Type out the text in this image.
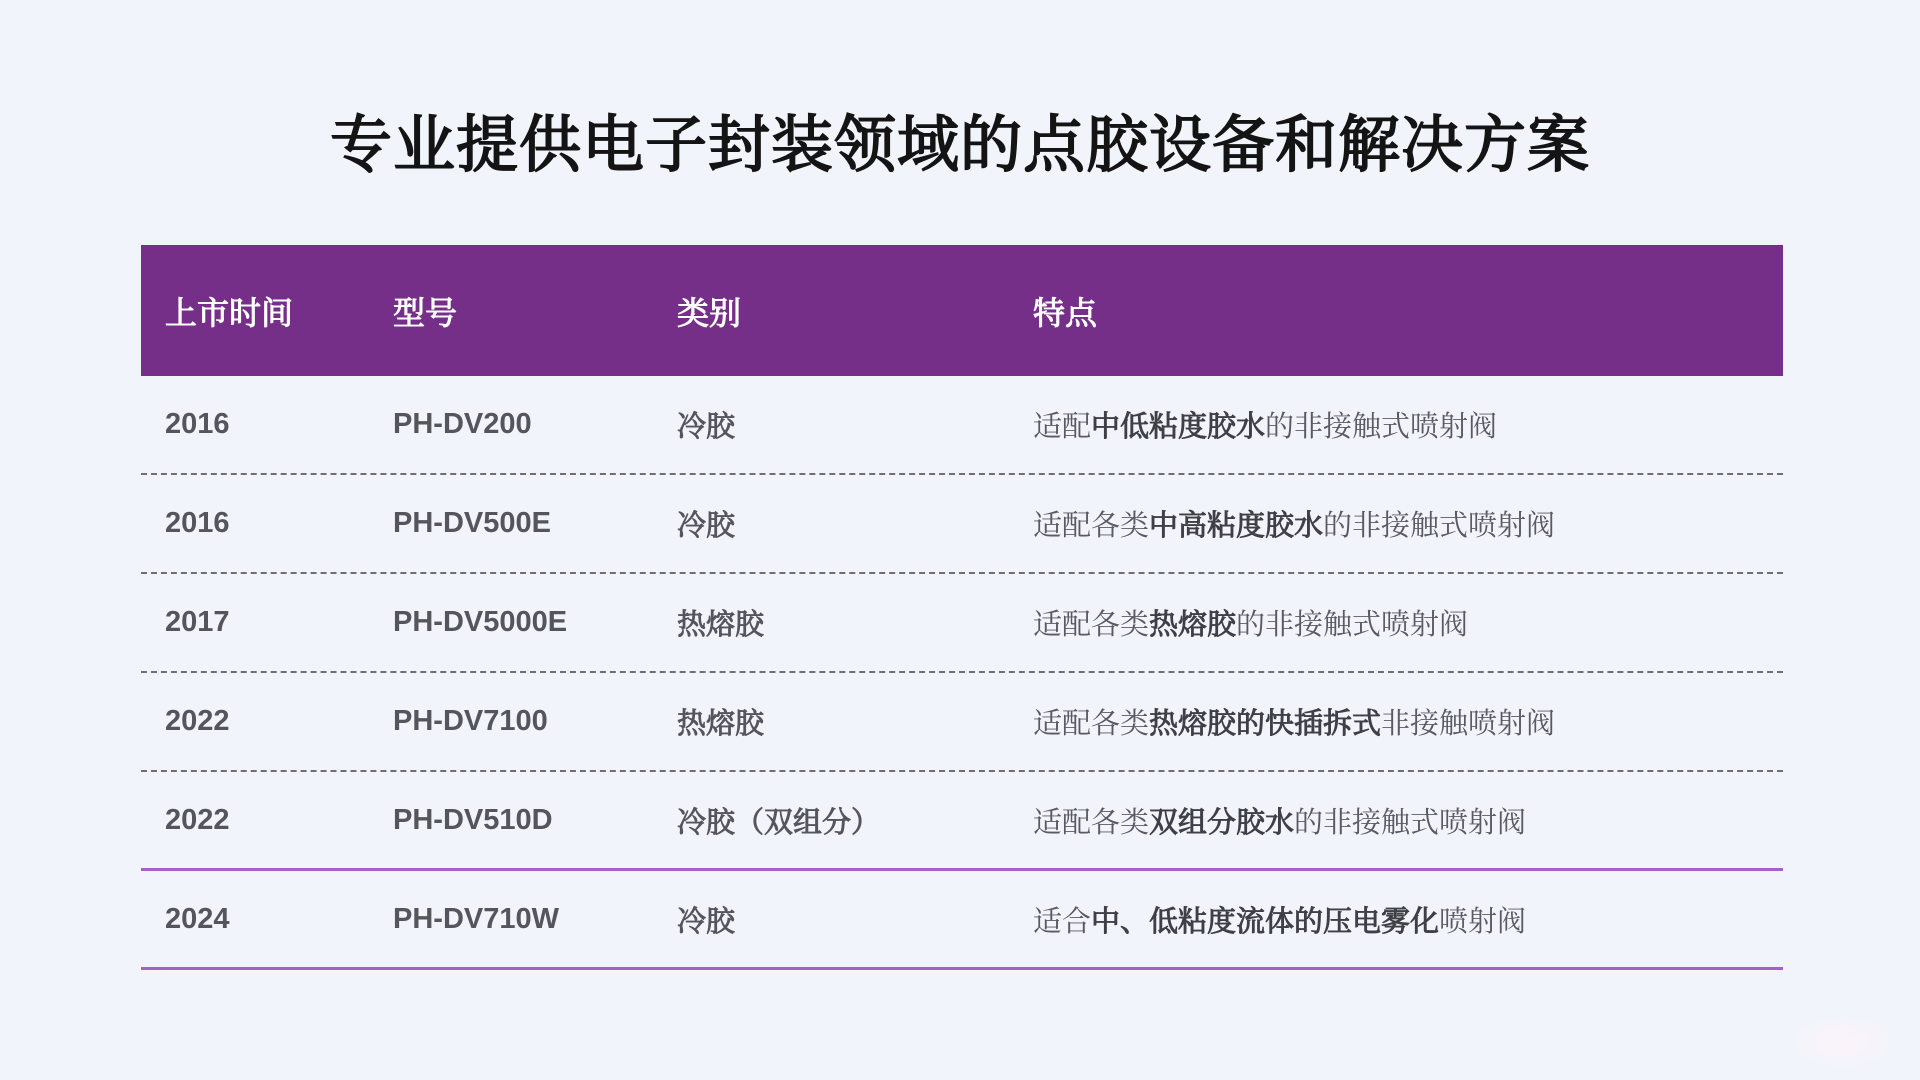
专业提供电子封装领域的点胶设备和解决方案
上市时间	型号	类别	特点
2016	PH-DV200	冷胶	适配中低粘度胶水的非接触式喷射阀
2016	PH-DV500E	冷胶	适配各类中高粘度胶水的非接触式喷射阀
2017	PH-DV5000E	热熔胶	适配各类热熔胶的非接触式喷射阀
2022	PH-DV7100	热熔胶	适配各类热熔胶的快插拆式非接触喷射阀
2022	PH-DV510D	冷胶（双组分）	适配各类双组分胶水的非接触式喷射阀
2024	PH-DV710W	冷胶	适合中、低粘度流体的压电雾化喷射阀
